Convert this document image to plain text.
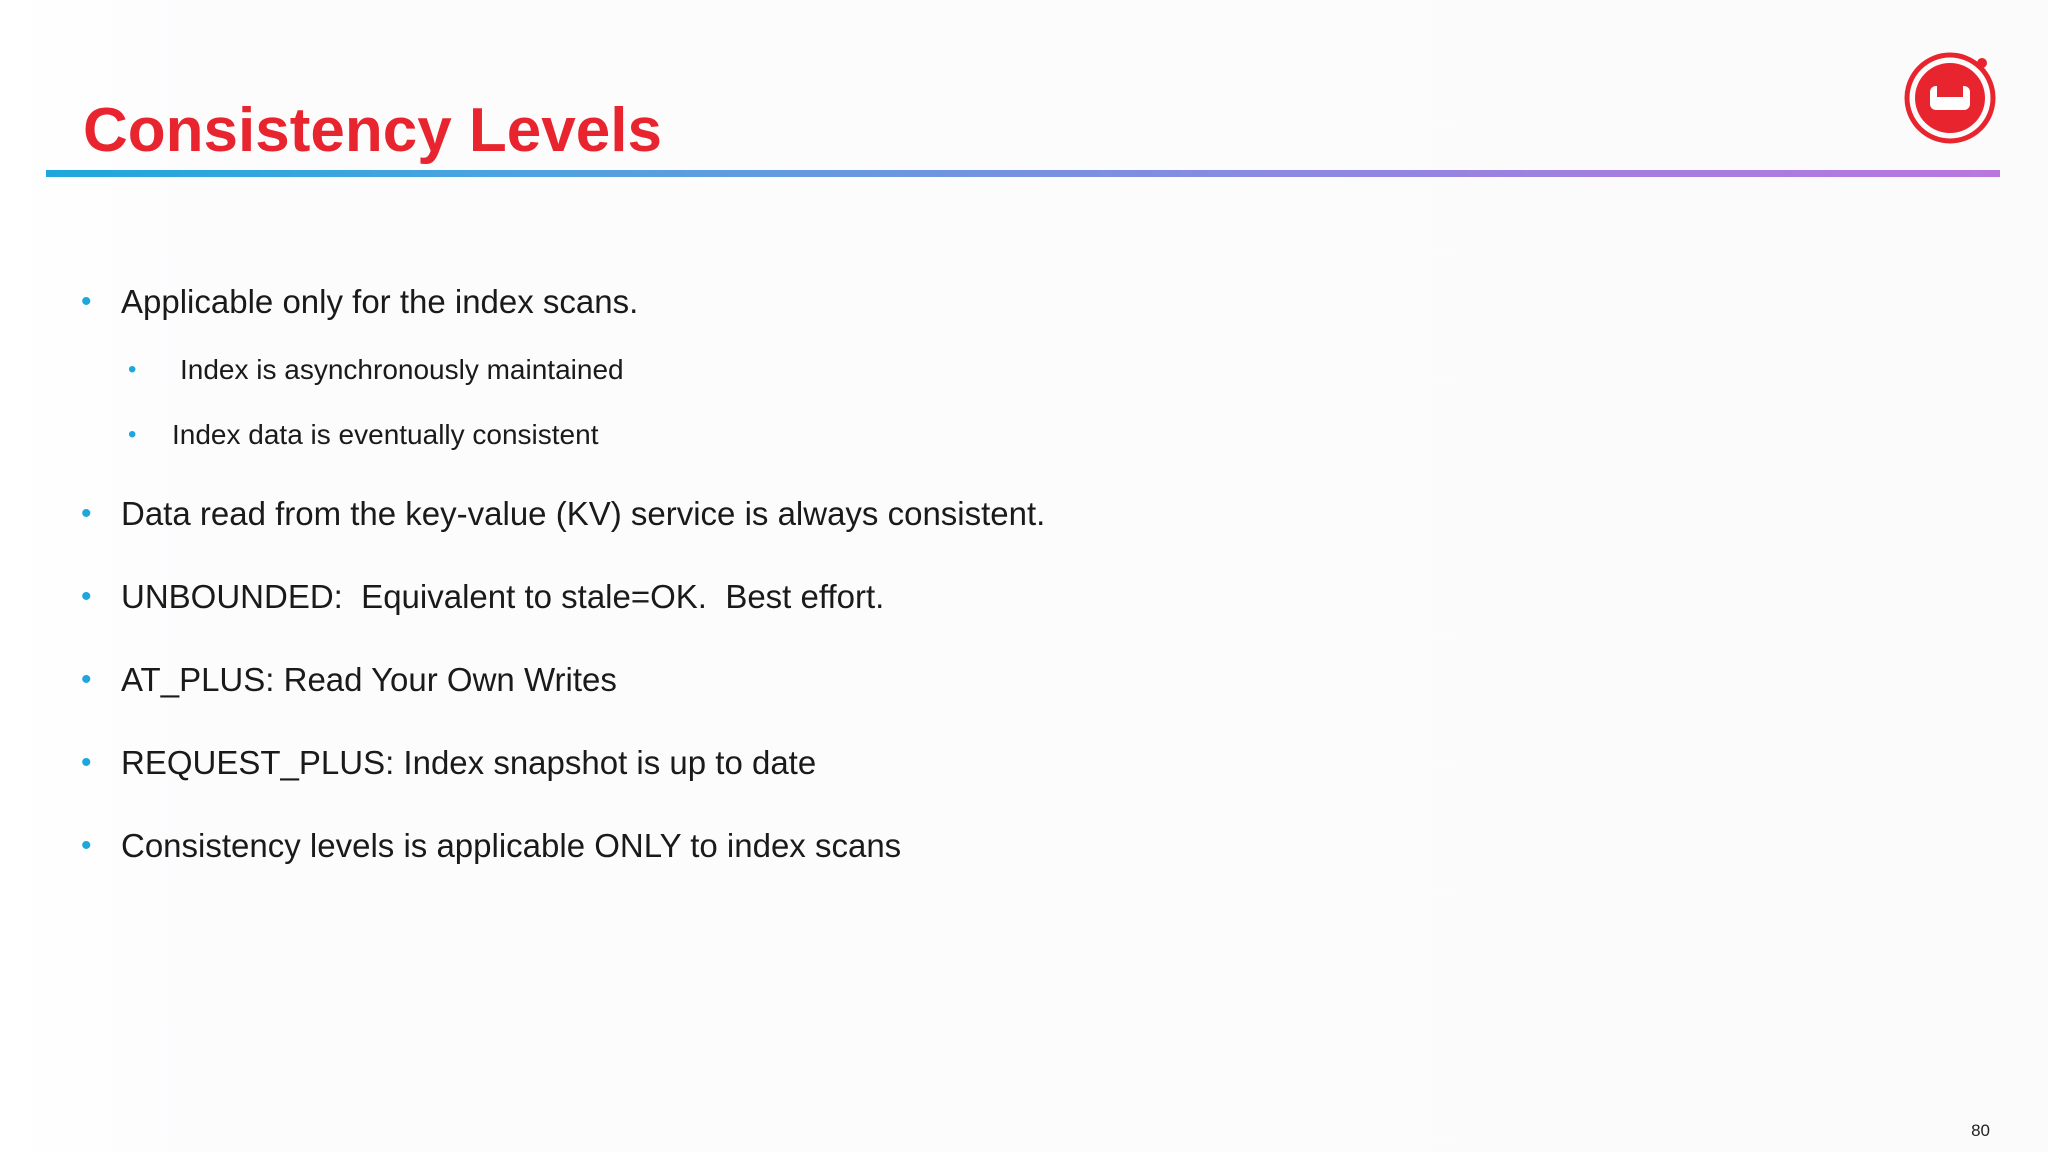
Consistency Levels
• Applicable only for the index scans.
• Index is asynchronously maintained
• Index data is eventually consistent
• Data read from the key-value (KV) service is always consistent.
• UNBOUNDED:  Equivalent to stale=OK.  Best effort.
• AT_PLUS: Read Your Own Writes
• REQUEST_PLUS: Index snapshot is up to date
• Consistency levels is applicable ONLY to index scans
80
